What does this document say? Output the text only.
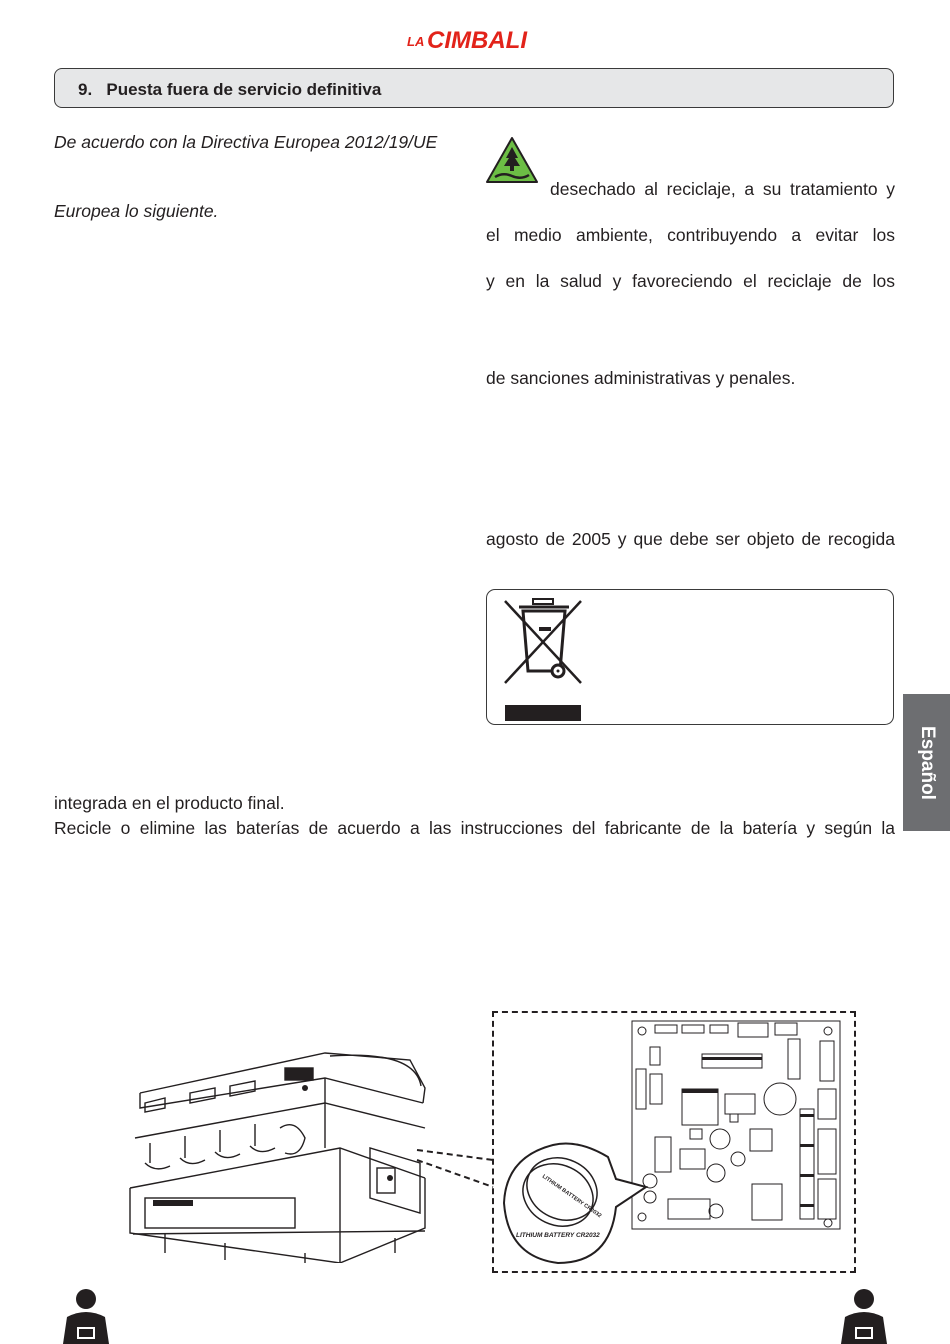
LA CIMBALI
9. Puesta fuera de servicio definitiva
De acuerdo con la Directiva Europea 2012/19/UE
Europea lo siguiente.
desechado al reciclaje, a su tratamiento y
el medio ambiente, contribuyendo a evitar los
y en la salud y favoreciendo el reciclaje de los
de sanciones administrativas y penales.
agosto de 2005 y que debe ser objeto de recogida
Español
integrada en el producto final.
Recicle o elimine las baterías de acuerdo a las instrucciones del fabricante de la batería y según la
LITHIUM BATTERY CR2032
LITHIUM BATTERY CR2032
